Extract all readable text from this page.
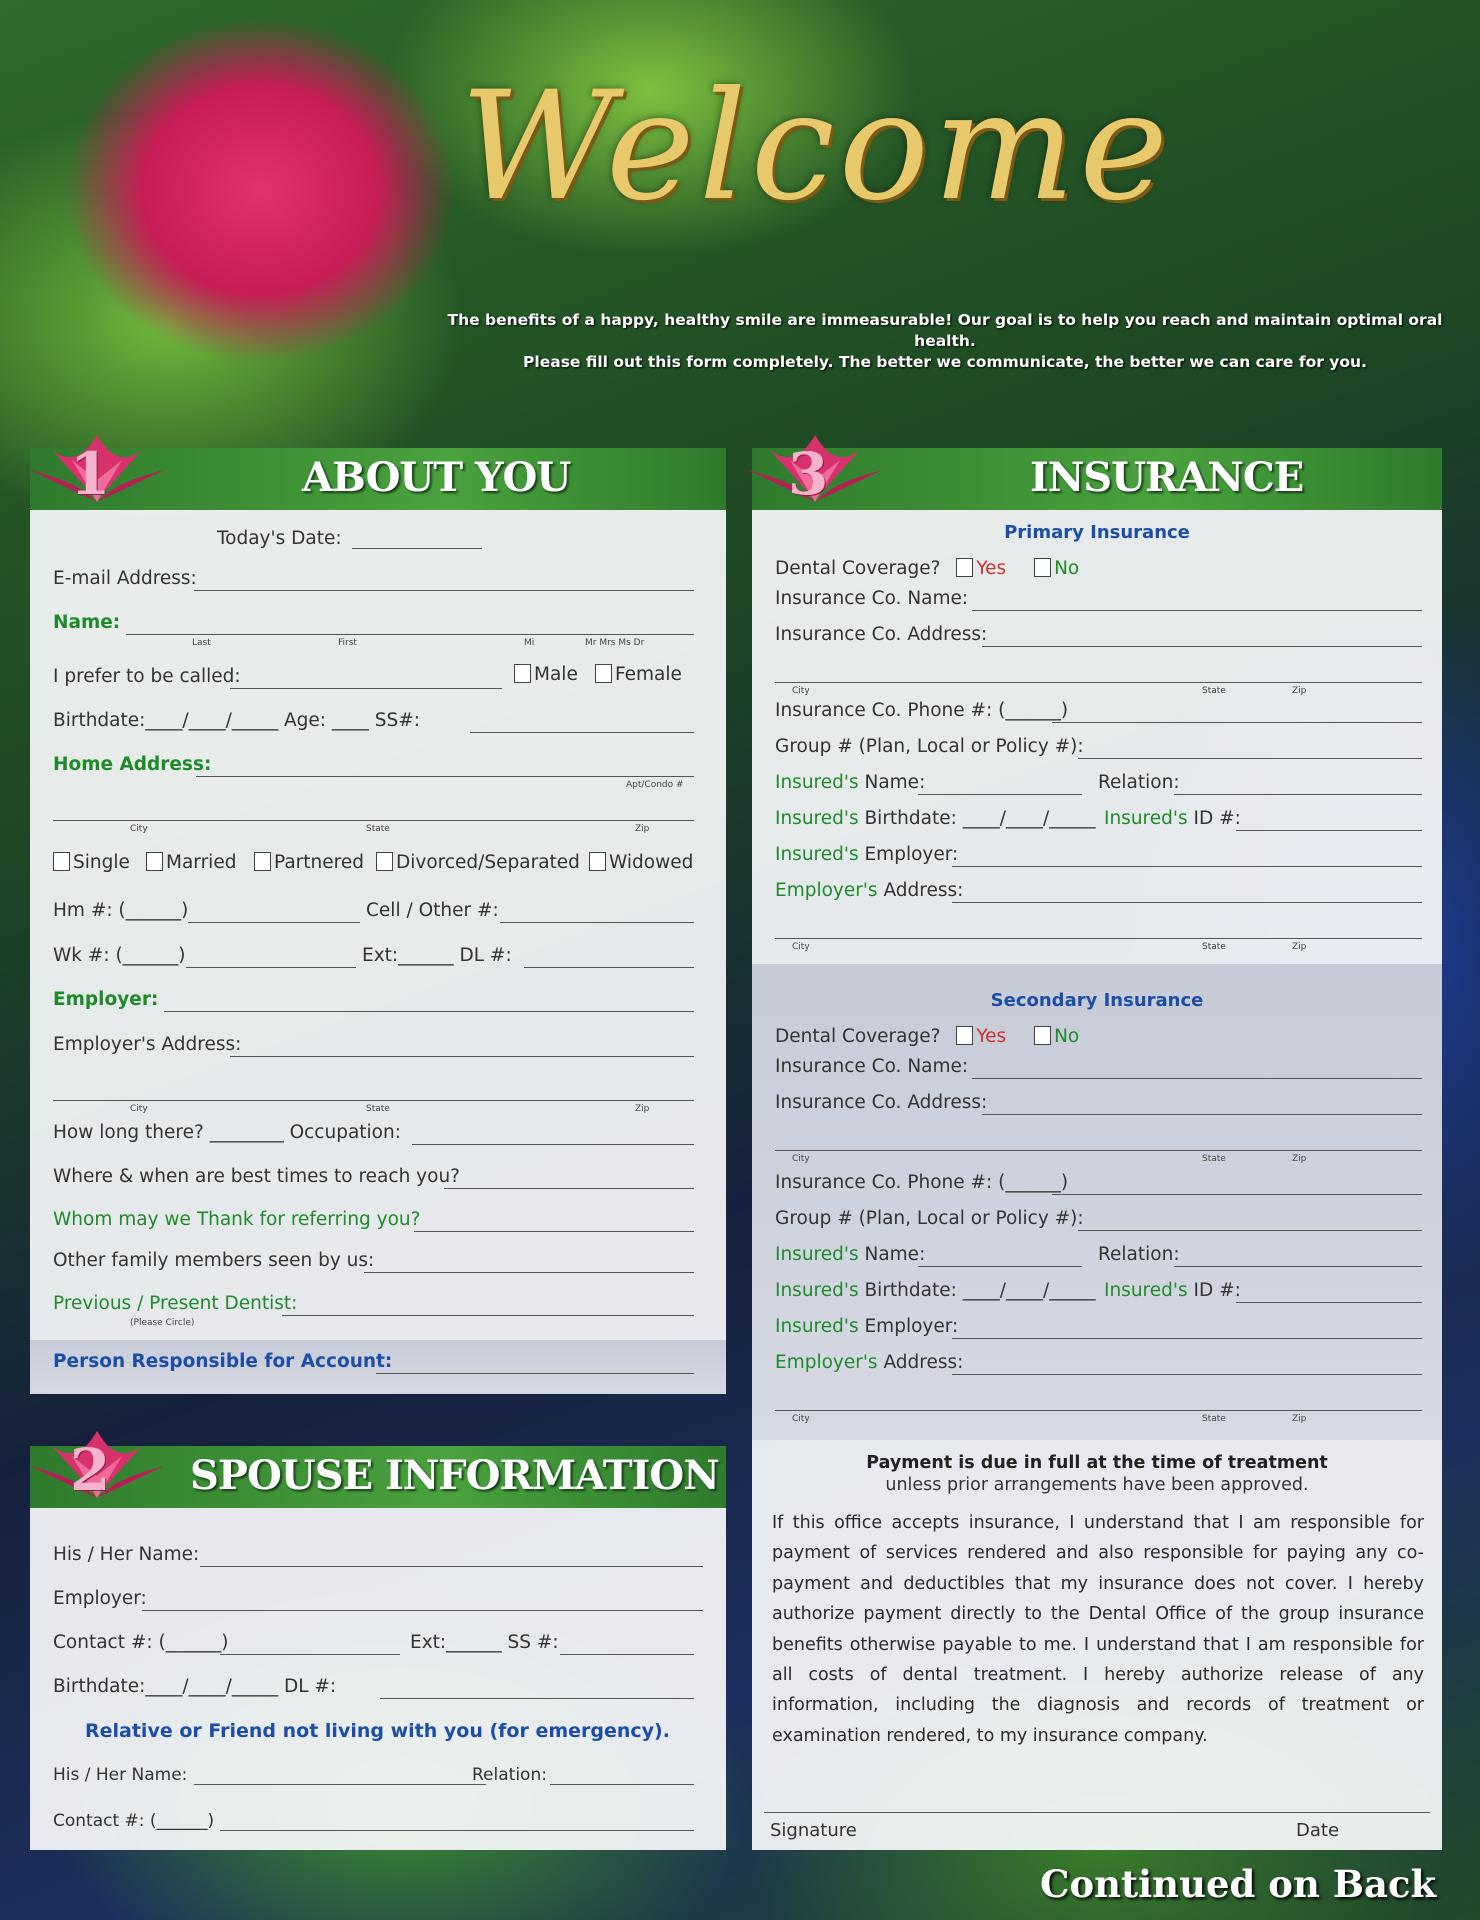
Welcome
The benefits of a happy, healthy smile are immeasurable! Our goal is to help you reach and maintain optimal oral health.
Please fill out this form completely. The better we communicate, the better we can care for you.
ABOUT YOU
Today's Date:
E-mail Address:
Name:
Last	First	Mi	Mr Mrs Ms Dr
I prefer to be called:	Male	Female
Birthdate:____/____/_____ Age: ____ SS#:
Home Address:
Apt/Condo #
City	State	Zip
Single	Married	Partnered	Divorced/Separated	Widowed
Hm #: (______)	Cell / Other #:
Wk #: (______)	Ext:______ DL #:
Employer:
Employer's Address:
City	State	Zip
How long there? ________ Occupation:
Where & when are best times to reach you?
Whom may we Thank for referring you?
Other family members seen by us:
Previous / Present Dentist:
(Please Circle)
Person Responsible for Account:
1
SPOUSE INFORMATION
His / Her Name:
Employer:
Contact #: (______)	Ext:______ SS #:
Birthdate:____/____/_____ DL #:
Relative or Friend not living with you (for emergency).
His / Her Name:	Relation:
Contact #: (______)
2
INSURANCE
Primary Insurance
Dental Coverage? Yes	No
Insurance Co. Name:
Insurance Co. Address:
City	State	Zip
Insurance Co. Phone #: (______)
Group # (Plan, Local or Policy #):
Insured's Name:	Relation:
Insured's Birthdate: ____/____/_____ Insured's ID #:
Insured's Employer:
Employer's Address:
City	State	Zip
Secondary Insurance
Dental Coverage? Yes	No
Insurance Co. Name:
Insurance Co. Address:
City	State	Zip
Insurance Co. Phone #: (______)
Group # (Plan, Local or Policy #):
Insured's Name:	Relation:
Insured's Birthdate: ____/____/_____ Insured's ID #:
Insured's Employer:
Employer's Address:
City	State	Zip
Payment is due in full at the time of treatment
unless prior arrangements have been approved.
If this office accepts insurance, I understand that I am responsible for payment of services rendered and also responsible for paying any co-payment and deductibles that my insurance does not cover. I hereby authorize payment directly to the Dental Office of the group insurance benefits otherwise payable to me. I understand that I am responsible for all costs of dental treatment. I hereby authorize release of any information, including the diagnosis and records of treatment or examination rendered, to my insurance company.
Signature	Date
3
Continued on Back
